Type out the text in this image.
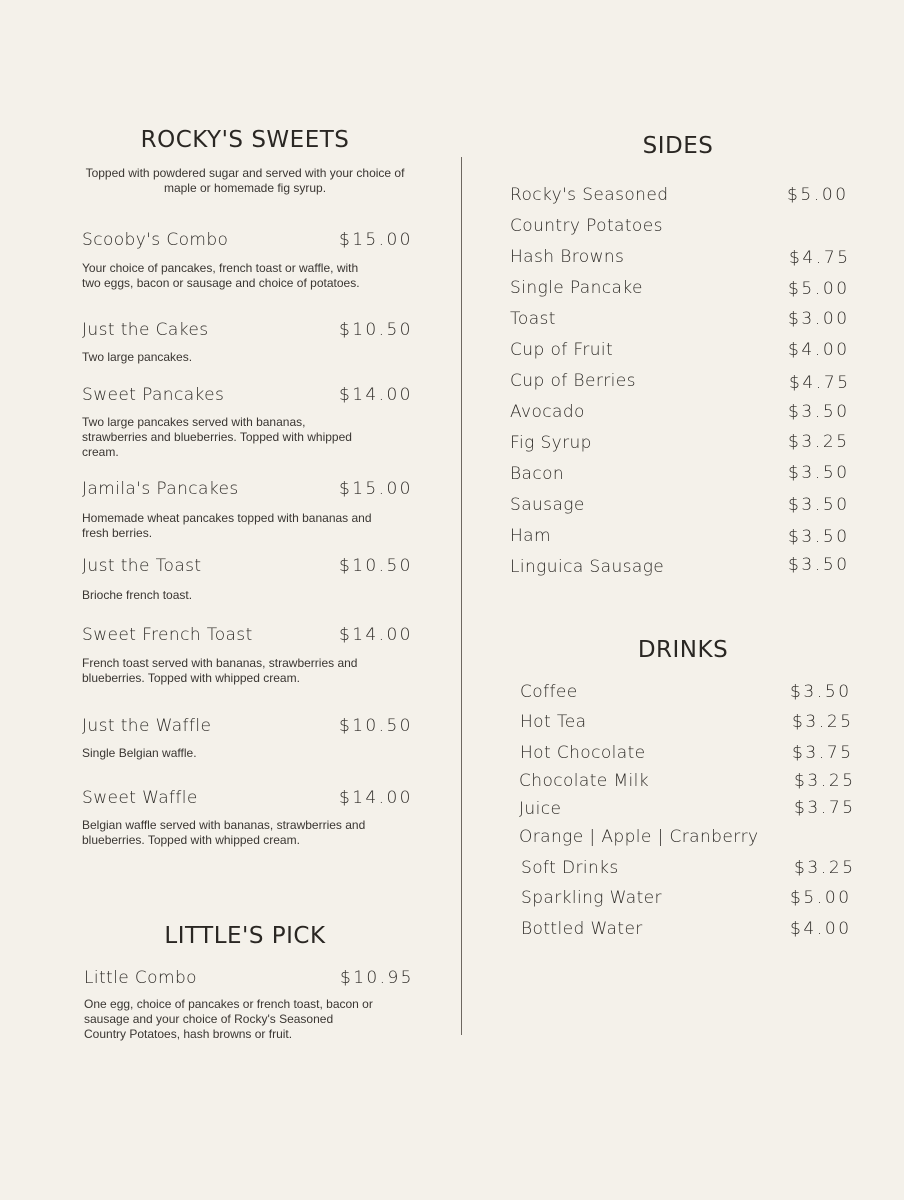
ROCKY'S SWEETS
Topped with powdered sugar and served with your choice of maple or homemade fig syrup.
Scooby's Combo	$15.00
Your choice of pancakes, french toast or waffle, with two eggs, bacon or sausage and choice of potatoes.
Just the Cakes	$10.50
Two large pancakes.
Sweet Pancakes	$14.00
Two large pancakes served with bananas, strawberries and blueberries. Topped with whipped cream.
Jamila's Pancakes	$15.00
Homemade wheat pancakes topped with bananas and fresh berries.
Just the Toast	$10.50
Brioche french toast.
Sweet French Toast	$14.00
French toast served with bananas, strawberries and blueberries. Topped with whipped cream.
Just the Waffle	$10.50
Single Belgian waffle.
Sweet Waffle	$14.00
Belgian waffle served with bananas, strawberries and blueberries. Topped with whipped cream.
LITTLE'S PICK
Little Combo	$10.95
One egg, choice of pancakes or french toast, bacon or sausage and your choice of Rocky's Seasoned Country Potatoes, hash browns or fruit.
SIDES
Rocky's Seasoned	$5.00
Country Potatoes
Hash Browns	$4.75
Single Pancake	$5.00
Toast	$3.00
Cup of Fruit	$4.00
Cup of Berries	$4.75
Avocado	$3.50
Fig Syrup	$3.25
Bacon	$3.50
Sausage	$3.50
Ham	$3.50
Linguica Sausage	$3.50
DRINKS
Coffee	$3.50
Hot Tea	$3.25
Hot Chocolate	$3.75
Chocolate Milk	$3.25
Juice	$3.75
Orange | Apple | Cranberry
Soft Drinks	$3.25
Sparkling Water	$5.00
Bottled Water	$4.00
